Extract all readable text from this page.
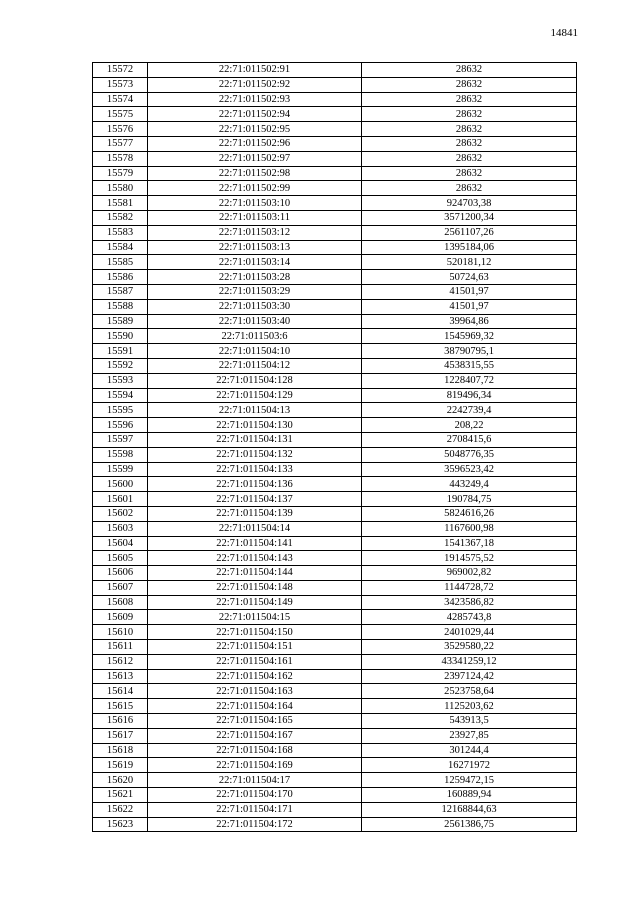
14841
15572	22:71:011502:91	28632
15573	22:71:011502:92	28632
15574	22:71:011502:93	28632
15575	22:71:011502:94	28632
15576	22:71:011502:95	28632
15577	22:71:011502:96	28632
15578	22:71:011502:97	28632
15579	22:71:011502:98	28632
15580	22:71:011502:99	28632
15581	22:71:011503:10	924703,38
15582	22:71:011503:11	3571200,34
15583	22:71:011503:12	2561107,26
15584	22:71:011503:13	1395184,06
15585	22:71:011503:14	520181,12
15586	22:71:011503:28	50724,63
15587	22:71:011503:29	41501,97
15588	22:71:011503:30	41501,97
15589	22:71:011503:40	39964,86
15590	22:71:011503:6	1545969,32
15591	22:71:011504:10	38790795,1
15592	22:71:011504:12	4538315,55
15593	22:71:011504:128	1228407,72
15594	22:71:011504:129	819496,34
15595	22:71:011504:13	2242739,4
15596	22:71:011504:130	208,22
15597	22:71:011504:131	2708415,6
15598	22:71:011504:132	5048776,35
15599	22:71:011504:133	3596523,42
15600	22:71:011504:136	443249,4
15601	22:71:011504:137	190784,75
15602	22:71:011504:139	5824616,26
15603	22:71:011504:14	1167600,98
15604	22:71:011504:141	1541367,18
15605	22:71:011504:143	1914575,52
15606	22:71:011504:144	969002,82
15607	22:71:011504:148	1144728,72
15608	22:71:011504:149	3423586,82
15609	22:71:011504:15	4285743,8
15610	22:71:011504:150	2401029,44
15611	22:71:011504:151	3529580,22
15612	22:71:011504:161	43341259,12
15613	22:71:011504:162	2397124,42
15614	22:71:011504:163	2523758,64
15615	22:71:011504:164	1125203,62
15616	22:71:011504:165	543913,5
15617	22:71:011504:167	23927,85
15618	22:71:011504:168	301244,4
15619	22:71:011504:169	16271972
15620	22:71:011504:17	1259472,15
15621	22:71:011504:170	160889,94
15622	22:71:011504:171	12168844,63
15623	22:71:011504:172	2561386,75
